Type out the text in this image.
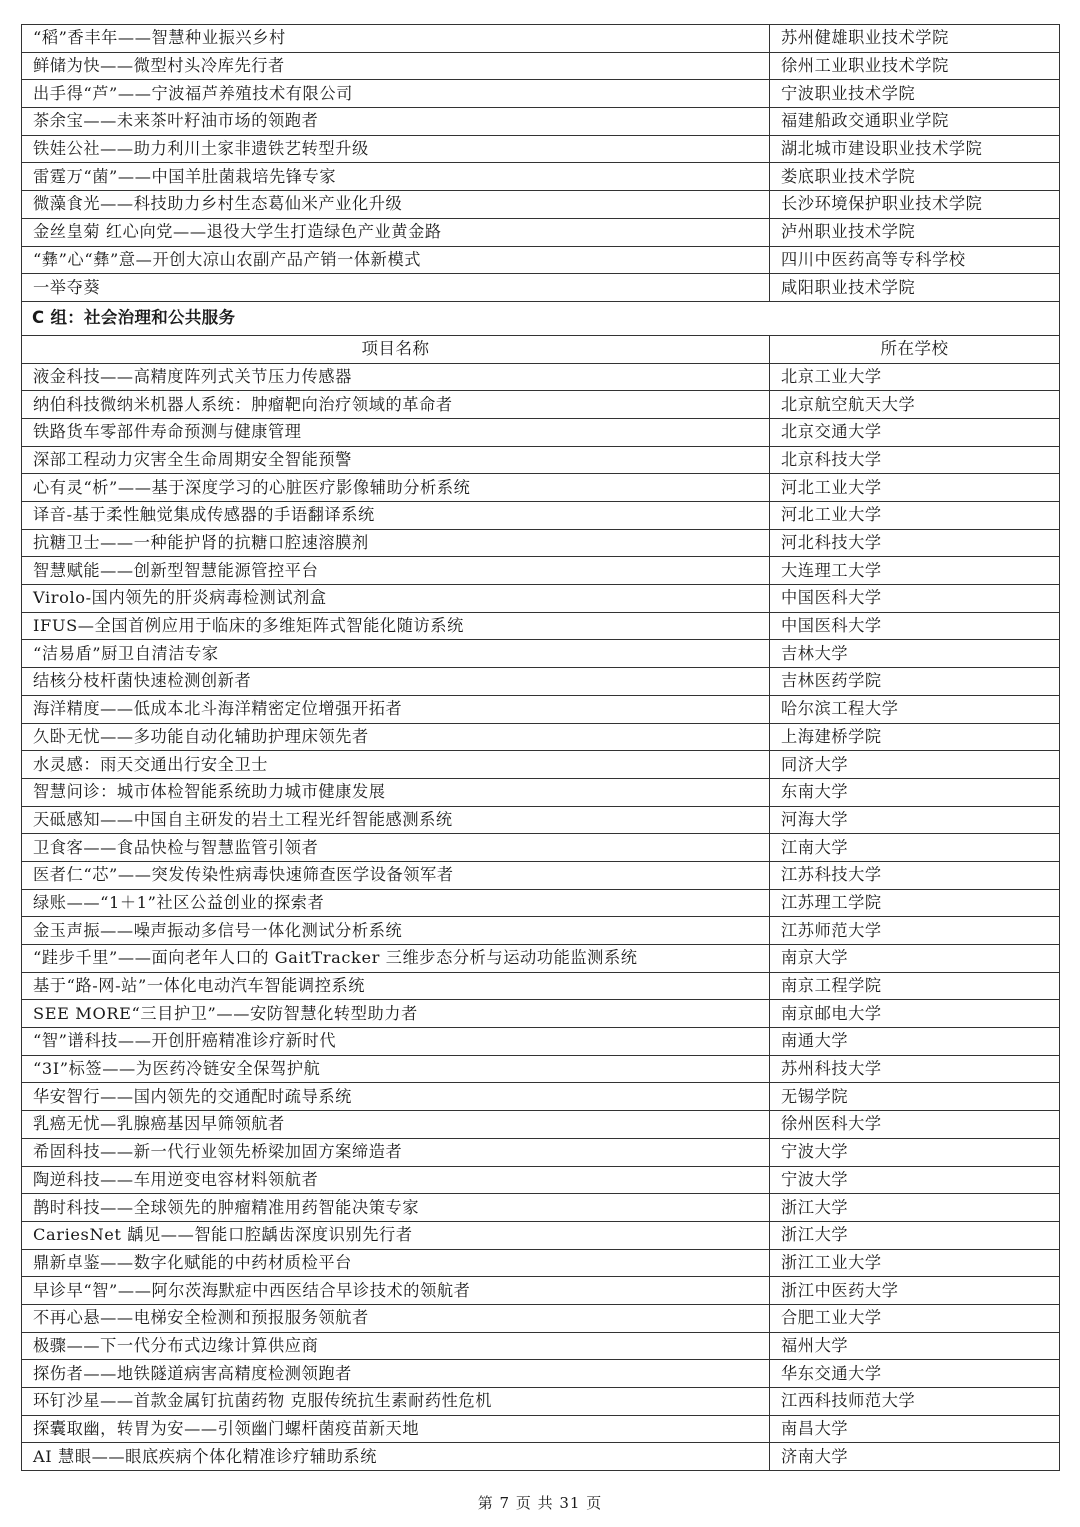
“稻”香丰年——智慧种业振兴乡村	苏州健雄职业技术学院
鲜储为快——微型村头冷库先行者	徐州工业职业技术学院
出手得“芦”——宁波福芦养殖技术有限公司	宁波职业技术学院
茶余宝——未来茶叶籽油市场的领跑者	福建船政交通职业学院
铁娃公社——助力利川土家非遗铁艺转型升级	湖北城市建设职业技术学院
雷霆万“菌”——中国羊肚菌栽培先锋专家	娄底职业技术学院
微藻食光——科技助力乡村生态葛仙米产业化升级	长沙环境保护职业技术学院
金丝皇菊 红心向党——退役大学生打造绿色产业黄金路	泸州职业技术学院
“彝”心“彝”意—开创大凉山农副产品产销一体新模式	四川中医药高等专科学校
一举夺葵	咸阳职业技术学院
C 组：社会治理和公共服务	
项目名称	所在学校
液金科技——高精度阵列式关节压力传感器	北京工业大学
纳伯科技微纳米机器人系统：肿瘤靶向治疗领域的革命者	北京航空航天大学
铁路货车零部件寿命预测与健康管理	北京交通大学
深部工程动力灾害全生命周期安全智能预警	北京科技大学
心有灵“析”——基于深度学习的心脏医疗影像辅助分析系统	河北工业大学
译音-基于柔性触觉集成传感器的手语翻译系统	河北工业大学
抗糖卫士——一种能护肾的抗糖口腔速溶膜剂	河北科技大学
智慧赋能——创新型智慧能源管控平台	大连理工大学
Virolo-国内领先的肝炎病毒检测试剂盒	中国医科大学
IFUS—全国首例应用于临床的多维矩阵式智能化随访系统	中国医科大学
“洁易盾”厨卫自清洁专家	吉林大学
结核分枝杆菌快速检测创新者	吉林医药学院
海洋精度——低成本北斗海洋精密定位增强开拓者	哈尔滨工程大学
久卧无忧——多功能自动化辅助护理床领先者	上海建桥学院
水灵感：雨天交通出行安全卫士	同济大学
智慧问诊：城市体检智能系统助力城市健康发展	东南大学
天砥感知——中国自主研发的岩土工程光纤智能感测系统	河海大学
卫食客——食品快检与智慧监管引领者	江南大学
医者仁“芯”——突发传染性病毒快速筛查医学设备领军者	江苏科技大学
绿账——“1＋1”社区公益创业的探索者	江苏理工学院
金玉声振——噪声振动多信号一体化测试分析系统	江苏师范大学
“跬步千里”——面向老年人口的 GaitTracker 三维步态分析与运动功能监测系统	南京大学
基于“路-网-站”一体化电动汽车智能调控系统	南京工程学院
SEE MORE“三目护卫”——安防智慧化转型助力者	南京邮电大学
“智”谱科技——开创肝癌精准诊疗新时代	南通大学
“3I”标签——为医药冷链安全保驾护航	苏州科技大学
华安智行——国内领先的交通配时疏导系统	无锡学院
乳癌无忧—乳腺癌基因早筛领航者	徐州医科大学
希固科技——新一代行业领先桥梁加固方案缔造者	宁波大学
陶逆科技——车用逆变电容材料领航者	宁波大学
鹊时科技——全球领先的肿瘤精准用药智能决策专家	浙江大学
CariesNet 龋见——智能口腔龋齿深度识别先行者	浙江大学
鼎新卓鉴——数字化赋能的中药材质检平台	浙江工业大学
早诊早“智”——阿尔茨海默症中西医结合早诊技术的领航者	浙江中医药大学
不再心悬——电梯安全检测和预报服务领航者	合肥工业大学
极骤——下一代分布式边缘计算供应商	福州大学
探伤者——地铁隧道病害高精度检测领跑者	华东交通大学
环钉沙星——首款金属钉抗菌药物 克服传统抗生素耐药性危机	江西科技师范大学
探囊取幽，转胃为安——引领幽门螺杆菌疫苗新天地	南昌大学
AI 慧眼——眼底疾病个体化精准诊疗辅助系统	济南大学
第 7 页 共 31 页
